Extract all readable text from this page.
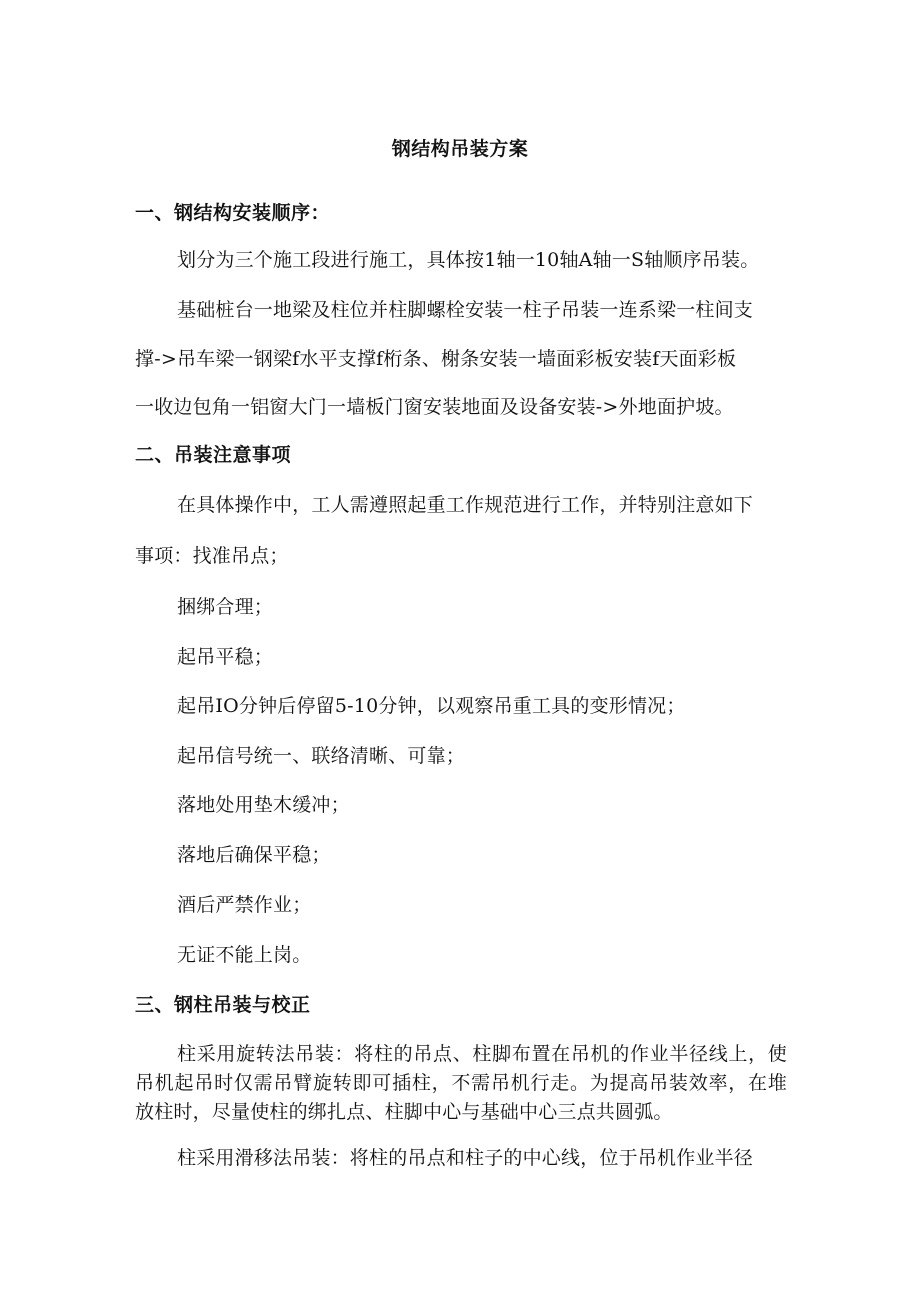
钢结构吊装方案
一、钢结构安装顺序：
划分为三个施工段进行施工，具体按1轴一10轴A轴一S轴顺序吊装。
基础桩台一地梁及柱位并柱脚螺栓安装一柱子吊装一连系梁一柱间支
撑->吊车梁一钢梁f水平支撑f桁条、榭条安装一墙面彩板安装f天面彩板
一收边包角一铝窗大门一墙板门窗安装地面及设备安装->外地面护坡。
二、吊装注意事项
在具体操作中，工人需遵照起重工作规范进行工作，并特别注意如下
事项：找准吊点；
捆绑合理；
起吊平稳；
起吊IO分钟后停留5-10分钟，以观察吊重工具的变形情况；
起吊信号统一、联络清晰、可靠；
落地处用垫木缓冲；
落地后确保平稳；
酒后严禁作业；
无证不能上岗。
三、钢柱吊装与校正
柱采用旋转法吊装：将柱的吊点、柱脚布置在吊机的作业半径线上，使吊机起吊时仅需吊臂旋转即可插柱，不需吊机行走。为提高吊装效率，在堆放柱时，尽量使柱的绑扎点、柱脚中心与基础中心三点共圆弧。
柱采用滑移法吊装：将柱的吊点和柱子的中心线，位于吊机作业半径
